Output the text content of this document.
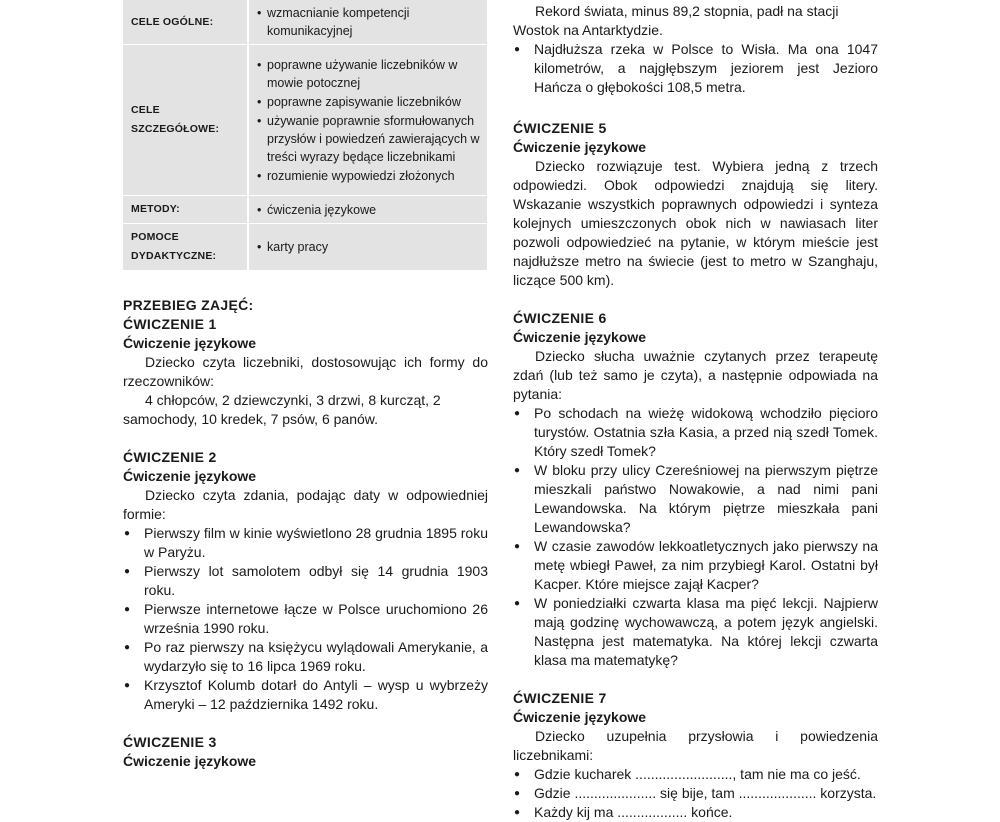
CELE OGÓLNE:	• wzmacnianie kompetencji komunikacyjnej

CELE SZCZEGÓŁOWE:	• poprawne używanie liczebników w mowie potocznej
• poprawne zapisywanie liczebników
• używanie poprawnie sformułowanych przysłów i powiedzeń zawierających w treści wyrazy będące liczebnikami
• rozumienie wypowiedzi złożonych

METODY:	• ćwiczenia językowe

POMOCE DYDAKTYCZNE:	• karty pracy

PRZEBIEG ZAJĘĆ:

ĆWICZENIE 1

Ćwiczenie językowe

Dziecko czyta liczebniki, dostosowując ich formy do rzeczowników:

4 chłopców, 2 dziewczynki, 3 drzwi, 8 kurcząt, 2 samochody, 10 kredek, 7 psów, 6 panów.

ĆWICZENIE 2

Ćwiczenie językowe

Dziecko czyta zdania, podając daty w odpowiedniej formie:

● Pierwszy film w kinie wyświetlono 28 grudnia 1895 roku w Paryżu.
● Pierwszy lot samolotem odbył się 14 grudnia 1903 roku.
● Pierwsze internetowe łącze w Polsce uruchomiono 26 września 1990 roku.
● Po raz pierwszy na księżycu wylądowali Amerykanie, a wydarzyło się to 16 lipca 1969 roku.
● Krzysztof Kolumb dotarł do Antyli – wysp u wybrzeży Ameryki – 12 października 1492 roku.

ĆWICZENIE 3

Ćwiczenie językowe

Rekord świata, minus 89,2 stopnia, padł na stacji Wostok na Antarktydzie.

● Najdłuższa rzeka w Polsce to Wisła. Ma ona 1047 kilometrów, a najgłębszym jeziorem jest Jezioro Hańcza o głębokości 108,5 metra.

ĆWICZENIE 5

Ćwiczenie językowe

Dziecko rozwiązuje test. Wybiera jedną z trzech odpowiedzi. Obok odpowiedzi znajdują się litery. Wskazanie wszystkich poprawnych odpowiedzi i synteza kolejnych umieszczonych obok nich w nawiasach liter pozwoli odpowiedzieć na pytanie, w którym mieście jest najdłuższe metro na świecie (jest to metro w Szanghaju, liczące 500 km).

ĆWICZENIE 6

Ćwiczenie językowe

Dziecko słucha uważnie czytanych przez terapeutę zdań (lub też samo je czyta), a następnie odpowiada na pytania:

● Po schodach na wieżę widokową wchodziło pięcioro turystów. Ostatnia szła Kasia, a przed nią szedł Tomek. Który szedł Tomek?
● W bloku przy ulicy Czereśniowej na pierwszym piętrze mieszkali państwo Nowakowie, a nad nimi pani Lewandowska. Na którym piętrze mieszkała pani Lewandowska?
● W czasie zawodów lekkoatletycznych jako pierwszy na metę wbiegł Paweł, za nim przybiegł Karol. Ostatni był Kacper. Które miejsce zajął Kacper?
● W poniedziałki czwarta klasa ma pięć lekcji. Najpierw mają godzinę wychowawczą, a potem język angielski. Następna jest matematyka. Na której lekcji czwarta klasa ma matematykę?

ĆWICZENIE 7

Ćwiczenie językowe

Dziecko uzupełnia przysłowia i powiedzenia liczebnikami:

● Gdzie kucharek ........................., tam nie ma co jeść.
● Gdzie ..................... się bije, tam .................... korzysta.
● Każdy kij ma .................. końce.
